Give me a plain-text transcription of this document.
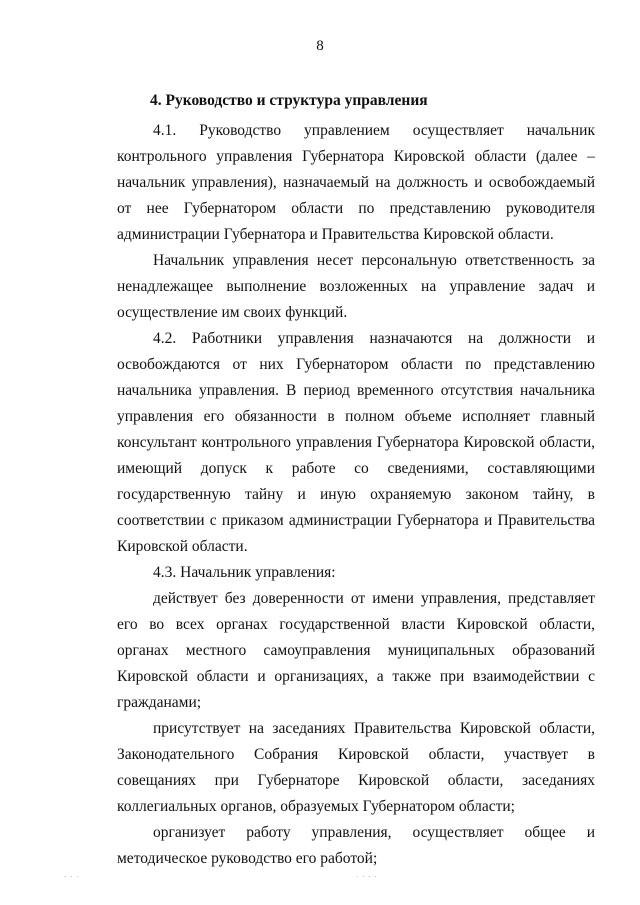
8
4. Руководство и структура управления

4.1. Руководство управлением осуществляет начальник контрольного управления Губернатора Кировской области (далее – начальник управления), назначаемый на должность и освобождаемый от нее Губернатором области по представлению руководителя администрации Губернатора и Правительства Кировской области.

Начальник управления несет персональную ответственность за ненадлежащее выполнение возложенных на управление задач и осуществление им своих функций.

4.2. Работники управления назначаются на должности и освобождаются от них Губернатором области по представлению начальника управления. В период временного отсутствия начальника управления его обязанности в полном объеме исполняет главный консультант контрольного управления Губернатора Кировской области, имеющий допуск к работе со сведениями, составляющими государственную тайну и иную охраняемую законом тайну, в соответствии с приказом администрации Губернатора и Правительства Кировской области.

4.3. Начальник управления:

действует без доверенности от имени управления, представляет его во всех органах государственной власти Кировской области, органах местного самоуправления муниципальных образований Кировской области и организациях, а также при взаимодействии с гражданами;

присутствует на заседаниях Правительства Кировской области, Законодательного Собрания Кировской области, участвует в совещаниях при Губернаторе Кировской области, заседаниях коллегиальных органов, образуемых Губернатором области;

организует работу управления, осуществляет общее и методическое руководство его работой;

· · ·	· · · ·
